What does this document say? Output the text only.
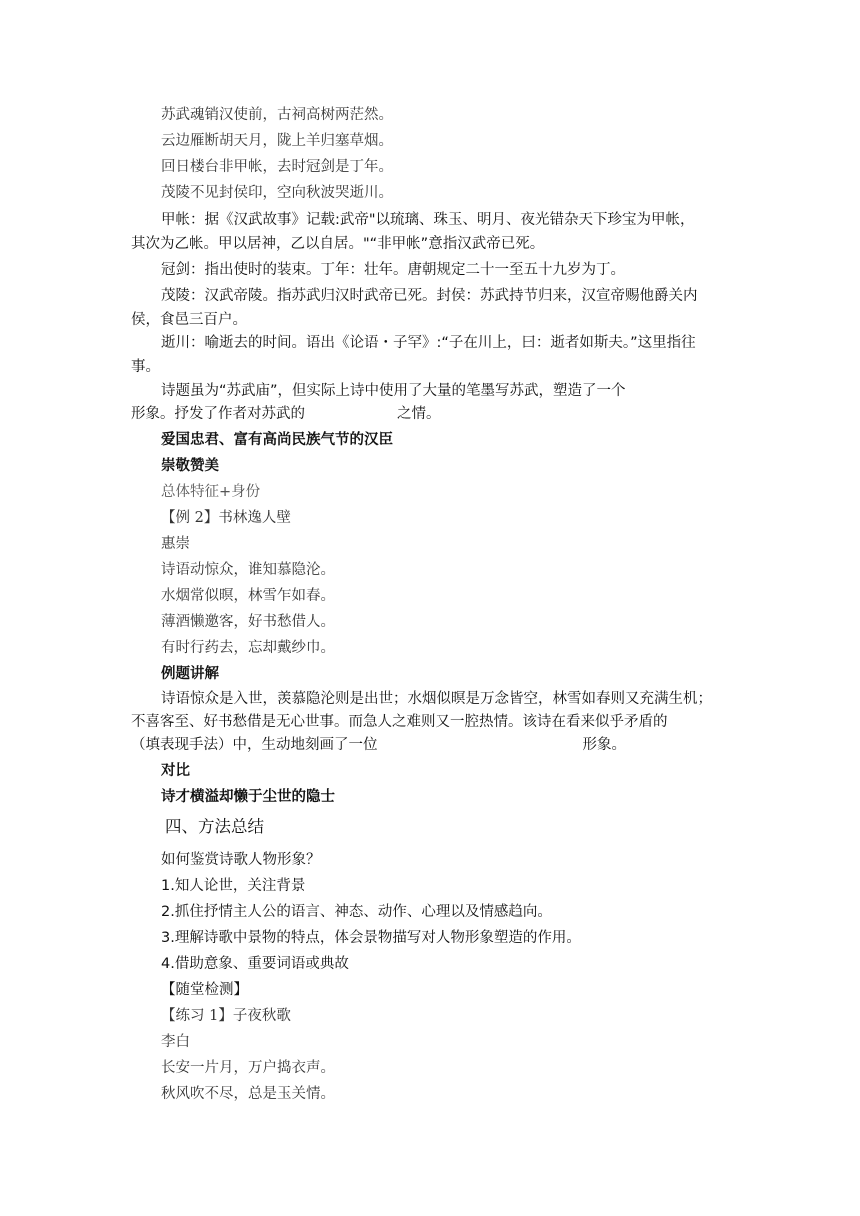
苏武魂销汉使前，古祠高树两茫然。
云边雁断胡天月，陇上羊归塞草烟。
回日楼台非甲帐，去时冠剑是丁年。
茂陵不见封侯印，空向秋波哭逝川。
甲帐：据《汉武故事》记载:武帝"以琉璃、珠玉、明月、夜光错杂天下珍宝为甲帐，
其次为乙帐。甲以居神，乙以自居。"“非甲帐”意指汉武帝已死。
冠剑：指出使时的装束。丁年：壮年。唐朝规定二十一至五十九岁为丁。
茂陵：汉武帝陵。指苏武归汉时武帝已死。封侯：苏武持节归来，汉宣帝赐他爵关内
侯，食邑三百户。
逝川：喻逝去的时间。语出《论语・子罕》:“子在川上，曰：逝者如斯夫。”这里指往
事。
诗题虽为“苏武庙”，但实际上诗中使用了大量的笔墨写苏武，塑造了一个
形象。抒发了作者对苏武的	之情。
爱国忠君、富有高尚民族气节的汉臣
崇敬赞美
总体特征+身份
【例 2】书林逸人壁
惠崇
诗语动惊众，谁知慕隐沦。
水烟常似暝，林雪乍如春。
薄酒懒邀客，好书愁借人。
有时行药去，忘却戴纱巾。
例题讲解
诗语惊众是入世，羡慕隐沦则是出世；水烟似暝是万念皆空，林雪如春则又充满生机；
不喜客至、好书愁借是无心世事。而急人之难则又一腔热情。该诗在看来似乎矛盾的
（填表现手法）中，生动地刻画了一位	形象。
对比
诗才横溢却懒于尘世的隐士
四、方法总结
如何鉴赏诗歌人物形象？
1.知人论世，关注背景
2.抓住抒情主人公的语言、神态、动作、心理以及情感趋向。
3.理解诗歌中景物的特点，体会景物描写对人物形象塑造的作用。
4.借助意象、重要词语或典故
【随堂检测】
【练习 1】子夜秋歌
李白
长安一片月，万户捣衣声。
秋风吹不尽，总是玉关情。
